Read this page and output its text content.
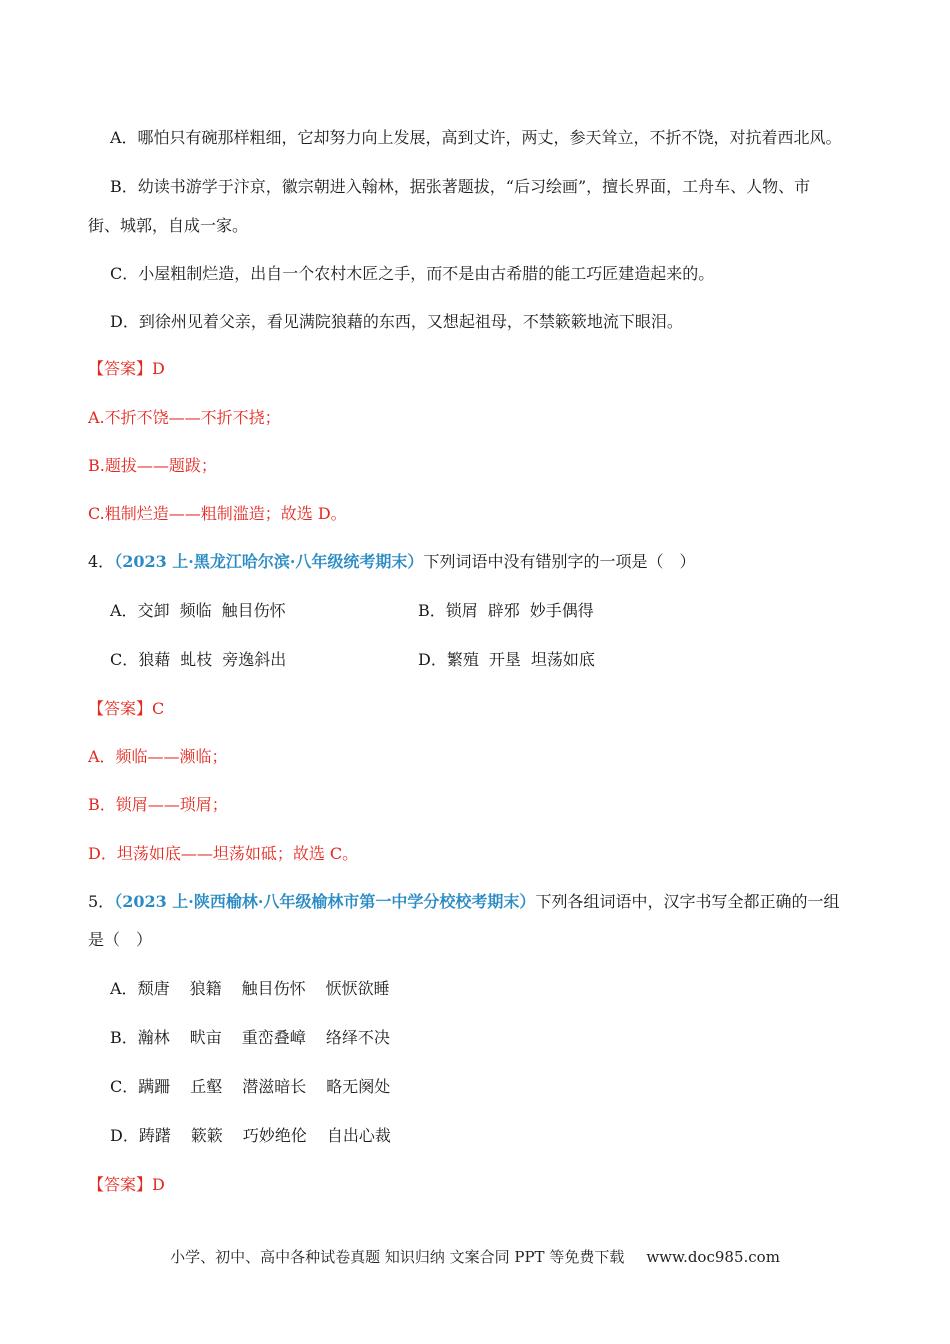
A．哪怕只有碗那样粗细，它却努力向上发展，高到丈许，两丈，参天耸立，不折不饶，对抗着西北风。
B．幼读书游学于汴京，徽宗朝进入翰林，据张著题拔，“后习绘画”，擅长界面，工舟车、人物、市
街、城郭，自成一家。
C．小屋粗制烂造，出自一个农村木匠之手，而不是由古希腊的能工巧匠建造起来的。
D．到徐州见着父亲，看见满院狼藉的东西，又想起祖母，不禁簌簌地流下眼泪。
【答案】D
A.不折不饶——不折不挠；
B.题拔——题跋；
C.粗制烂造——粗制滥造；故选 D。
4．（2023 上·黑龙江哈尔滨·八年级统考期末）下列词语中没有错别字的一项是（　）
A．交卸 频临 触目伤怀	B．锁屑 辟邪 妙手偶得
C．狼藉 虬枝 旁逸斜出	D．繁殖 开垦 坦荡如底
【答案】C
A．频临——濒临；
B．锁屑——琐屑；
D．坦荡如底——坦荡如砥；故选 C。
5．（2023 上·陕西榆林·八年级榆林市第一中学分校校考期末）下列各组词语中，汉字书写全都正确的一组
是（　）
A．颓唐 狼籍 触目伤怀 恹恹欲睡
B．瀚林 畎亩 重峦叠嶂 络绎不决
C．蹒跚 丘壑 潜滋暗长 略无阕处
D．踌躇 簌簌 巧妙绝伦 自出心裁
【答案】D
小学、初中、高中各种试卷真题 知识归纳 文案合同 PPT 等免费下载 www.doc985.com
